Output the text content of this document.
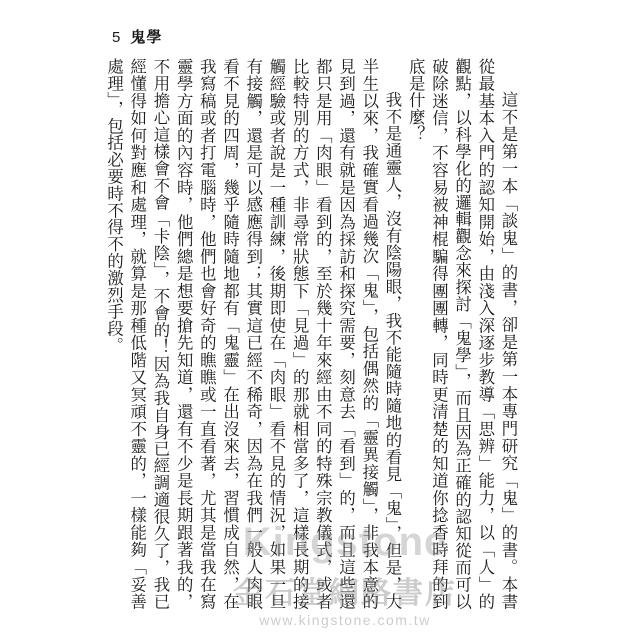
5 鬼學

這不是第一本「談鬼」的書，卻是第一本專門研究「鬼」的書。本書從最基本入門的認知開始，由淺入深逐步教導「思辨」能力，以「人」的觀點，以科學化的邏輯觀念來探討「鬼學」，而且因為正確的認知從而可以破除迷信，不容易被神棍騙得團團轉，同時更清楚的知道你捻香時拜的到底是什麼？

我不是通靈人，沒有陰陽眼，我不能隨時隨地的看見「鬼」，但是，大半生以來，我確實看過幾次「鬼」，包括偶然的「靈異接觸」，非我本意的見到過，還有就是因為採訪和探究需要，刻意去「看到」的，而且這些還都只是用「肉眼」看到的，至於幾十年來經由不同的特殊宗教儀式，或者比較特別的方式，非尋常狀態下「見過」的那就相當多了，這樣長期的接觸經驗或者說是一種訓練，後期即使在「肉眼」看不見的情況，如果一旦有接觸，還是可以感應得到；其實這已經不稀奇，因為在我們一般人肉眼看不見的四周，幾乎隨時隨地都有「鬼靈」在出沒來去，習慣成自然，在我寫稿或者打電腦時，他們也會好奇的瞧瞧或一直看著，尤其是當我在寫靈學方面的內容時，他們總是想要搶先知道，還有不少是長期跟著我的，不用擔心這樣會不會「卡陰」，不會的！因為我自身已經調適很久了，我已經懂得如何對應和處理，就算是那種低階又冥頑不靈的，一樣能夠「妥善處理」，包括必要時不得不的激烈手段。

Kingstone
金石堂網路書店
www.kingstone.com.tw
